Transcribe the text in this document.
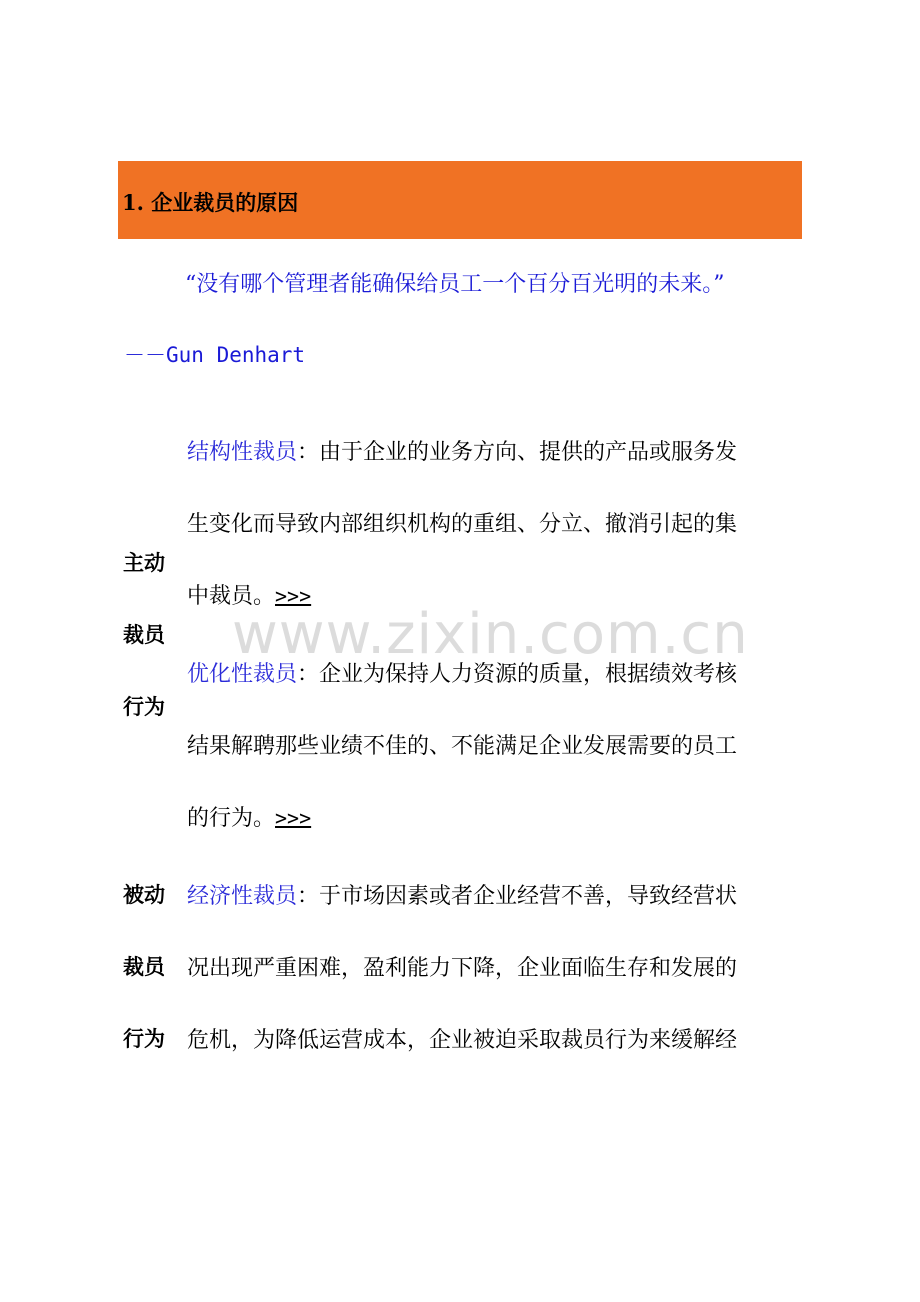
1. 企业裁员的原因
“没有哪个管理者能确保给员工一个百分百光明的未来。”
－－Gun Denhart
主动
裁员
行为
结构性裁员：由于企业的业务方向、提供的产品或服务发
生变化而导致内部组织机构的重组、分立、撤消引起的集
中裁员。>>>
优化性裁员：企业为保持人力资源的质量，根据绩效考核
结果解聘那些业绩不佳的、不能满足企业发展需要的员工
的行为。>>>
被动
裁员
行为
经济性裁员：于市场因素或者企业经营不善，导致经营状
况出现严重困难，盈利能力下降，企业面临生存和发展的
危机，为降低运营成本，企业被迫采取裁员行为来缓解经
www.zixin.com.cn
